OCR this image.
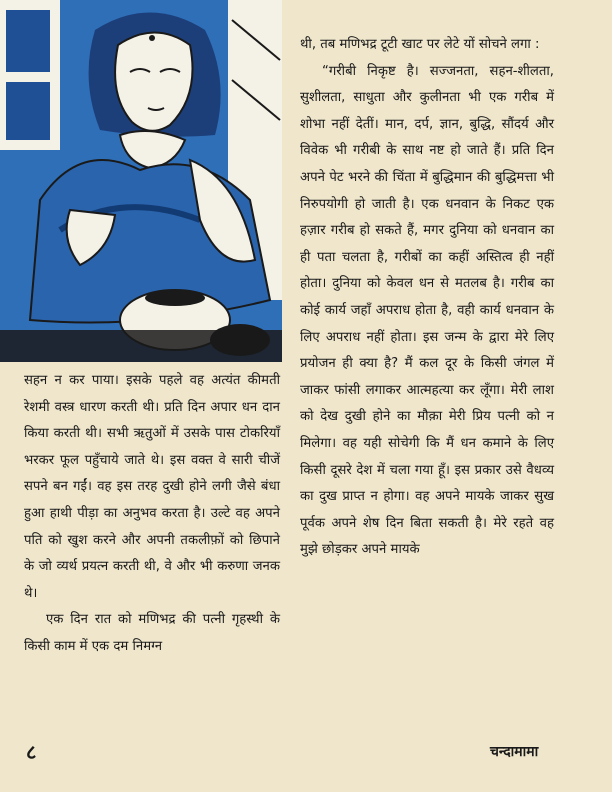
सहन न कर पाया। इसके पहले वह अत्यंत कीमती रेशमी वस्त्र धारण करती थी। प्रति दिन अपार धन दान किया करती थी। सभी ऋतुओं में उसके पास टोकरियाँ भरकर फूल पहुँचाये जाते थे। इस वक्त वे सारी चीजें सपने बन गईं। वह इस तरह दुखी होने लगी जैसे बंधा हुआ हाथी पीड़ा का अनुभव करता है। उल्टे वह अपने पति को खुश करने और अपनी तकलीफ़ों को छिपाने के जो व्यर्थ प्रयत्न करती थी, वे और भी करुणा जनक थे।

एक दिन रात को मणिभद्र की पत्नी गृहस्थी के किसी काम में एक दम निमग्न

थी, तब मणिभद्र टूटी खाट पर लेटे यों सोचने लगा :

“गरीबी निकृष्ट है। सज्जनता, सहन-शीलता, सुशीलता, साधुता और कुलीनता भी एक गरीब में शोभा नहीं देतीं। मान, दर्प, ज्ञान, बुद्धि, सौंदर्य और विवेक भी गरीबी के साथ नष्ट हो जाते हैं। प्रति दिन अपने पेट भरने की चिंता में बुद्धिमान की बुद्धिमत्ता भी निरुपयोगी हो जाती है। एक धनवान के निकट एक हज़ार गरीब हो सकते हैं, मगर दुनिया को धनवान का ही पता चलता है, गरीबों का कहीं अस्तित्व ही नहीं होता। दुनिया को केवल धन से मतलब है। गरीब का कोई कार्य जहाँ अपराध होता है, वही कार्य धनवान के लिए अपराध नहीं होता। इस जन्म के द्वारा मेरे लिए प्रयोजन ही क्या है? मैं कल दूर के किसी जंगल में जाकर फांसी लगाकर आत्महत्या कर लूँगा। मेरी लाश को देख दुखी होने का मौक़ा मेरी प्रिय पत्नी को न मिलेगा। वह यही सोचेगी कि मैं धन कमाने के लिए किसी दूसरे देश में चला गया हूँ। इस प्रकार उसे वैधव्य का दुख प्राप्त न होगा। वह अपने मायके जाकर सुख पूर्वक अपने शेष दिन बिता सकती है। मेरे रहते वह मुझे छोड़कर अपने मायके

८	चन्दामामा
